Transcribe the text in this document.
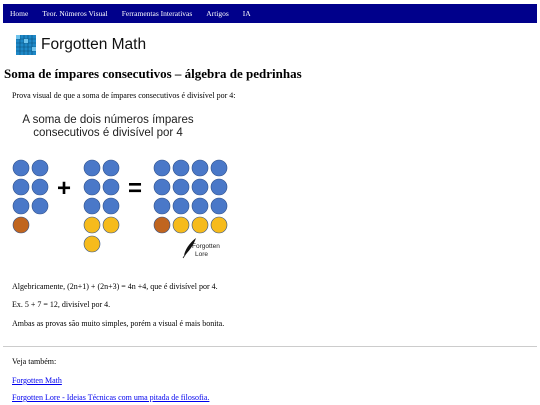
Home Teor. Números Visual Ferramentas Interativas Artigos IA
Forgotten Math
Soma de ímpares consecutivos – álgebra de pedrinhas
Prova visual de que a soma de ímpares consecutivos é divisível por 4:
A soma de dois números ímpares
consecutivos é divisível por 4
+ =
Forgotten
Lore
Algebricamente, (2n+1) + (2n+3) = 4n +4, que é divisível por 4.
Ex. 5 + 7 = 12, divisível por 4.
Ambas as provas são muito simples, porém a visual é mais bonita.
Veja também:
Forgotten Math
Forgotten Lore - Ideias Técnicas com uma pitada de filosofia.
